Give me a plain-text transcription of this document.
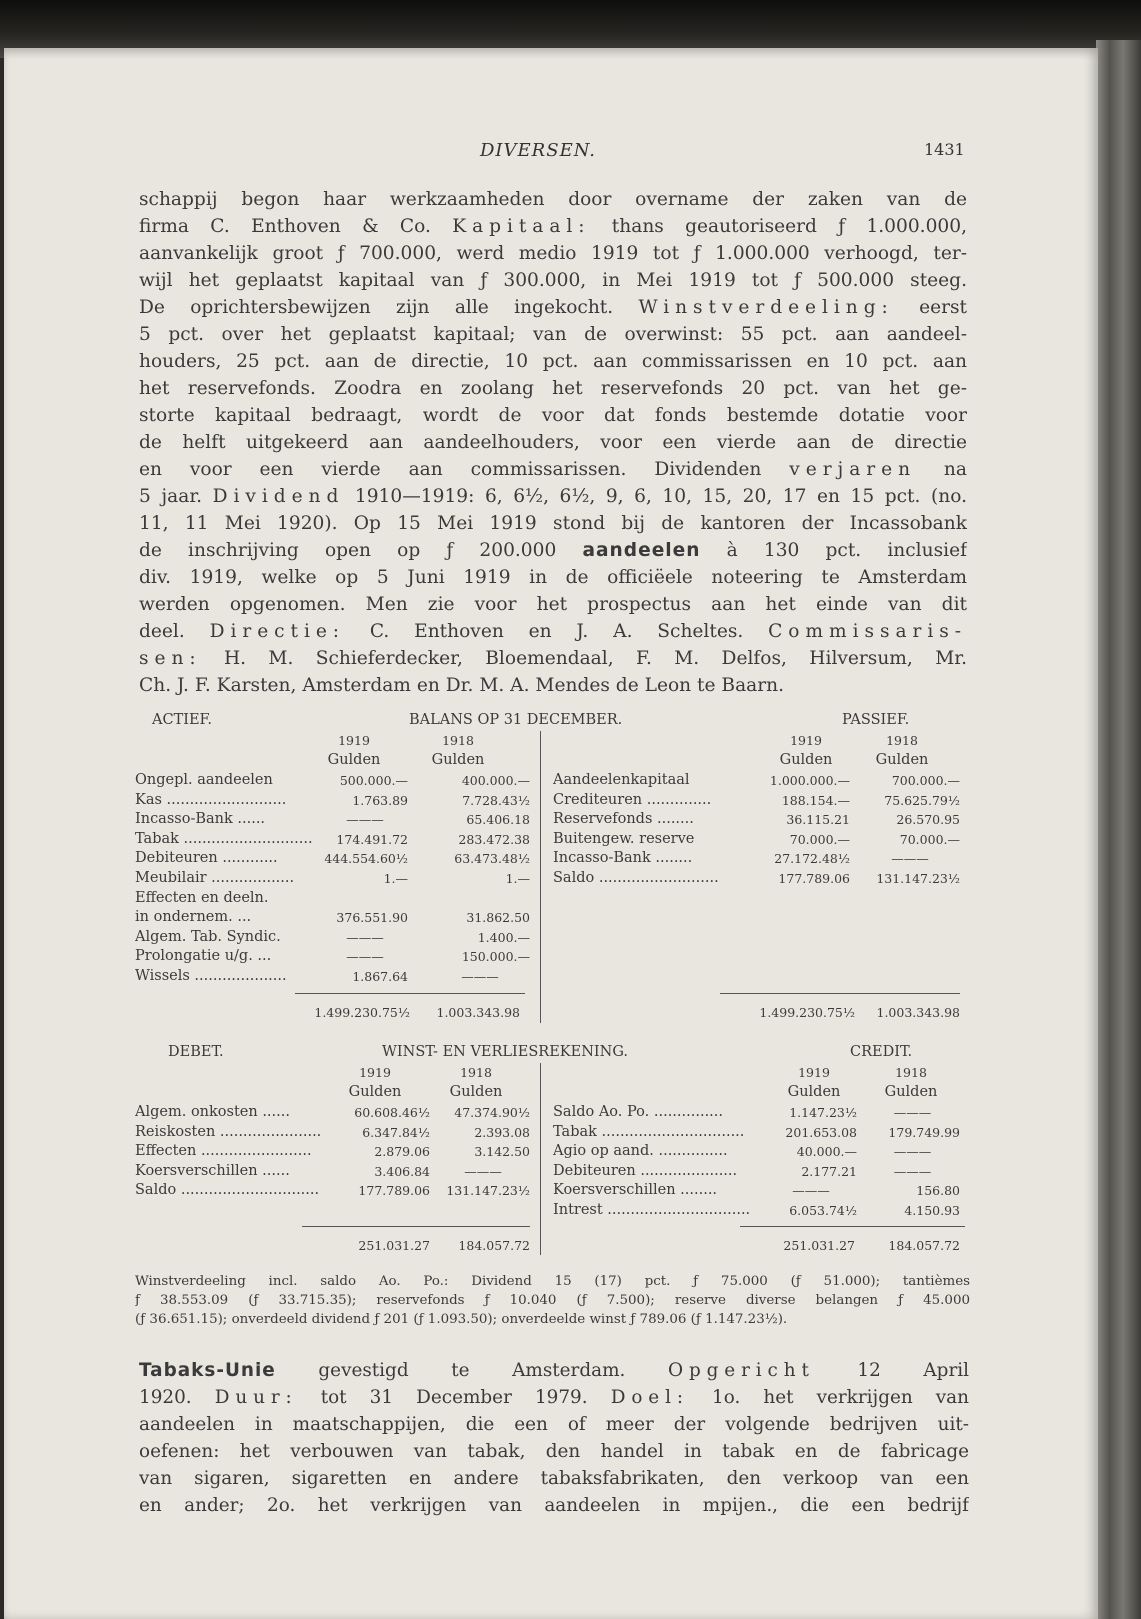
DIVERSEN.	1431
schappij begon haar werkzaamheden door overname der zaken van de
firma C. Enthoven & Co. Kapitaal: thans geautoriseerd ƒ 1.000.000,
aanvankelijk groot ƒ 700.000, werd medio 1919 tot ƒ 1.000.000 verhoogd, ter-
wijl het geplaatst kapitaal van ƒ 300.000, in Mei 1919 tot ƒ 500.000 steeg.
De oprichtersbewijzen zijn alle ingekocht. Winstverdeeling: eerst
5 pct. over het geplaatst kapitaal; van de overwinst: 55 pct. aan aandeel-
houders, 25 pct. aan de directie, 10 pct. aan commissarissen en 10 pct. aan
het reservefonds. Zoodra en zoolang het reservefonds 20 pct. van het ge-
storte kapitaal bedraagt, wordt de voor dat fonds bestemde dotatie voor
de helft uitgekeerd aan aandeelhouders, voor een vierde aan de directie
en voor een vierde aan commissarissen. Dividenden verjaren na
5 jaar. Dividend 1910—1919: 6, 6½, 6½, 9, 6, 10, 15, 20, 17 en 15 pct. (no.
11, 11 Mei 1920). Op 15 Mei 1919 stond bij de kantoren der Incassobank
de inschrijving open op ƒ 200.000 aandeelen à 130 pct. inclusief
div. 1919, welke op 5 Juni 1919 in de officiëele noteering te Amsterdam
werden opgenomen. Men zie voor het prospectus aan het einde van dit
deel. Directie: C. Enthoven en J. A. Scheltes. Commissaris-
sen: H. M. Schieferdecker, Bloemendaal, F. M. Delfos, Hilversum, Mr.
Ch. J. F. Karsten, Amsterdam en Dr. M. A. Mendes de Leon te Baarn.
ACTIEF.	BALANS OP 31 DECEMBER.	PASSIEF.
1919	1918
Gulden	Gulden
1919	1918
Gulden	Gulden
Ongepl. aandeelen	500.000.—	400.000.—
Kas ..........................	1.763.89	7.728.43½
Incasso-Bank ......	———	65.406.18
Tabak ............................	174.491.72	283.472.38
Debiteuren ............	444.554.60½	63.473.48½
Meubilair ..................	1.—	1.—
Effecten en deeln.
in ondernem. ...	376.551.90	31.862.50
Algem. Tab. Syndic.	———	1.400.—
Prolongatie u/g. ...	———	150.000.—
Wissels ....................	1.867.64	———
Aandeelenkapitaal	1.000.000.—	700.000.—
Crediteuren ..............	188.154.—	75.625.79½
Reservefonds ........	36.115.21	26.570.95
Buitengew. reserve	70.000.—	70.000.—
Incasso-Bank ........	27.172.48½	———
Saldo ..........................	177.789.06	131.147.23½
1.499.230.75½	1.003.343.98	1.499.230.75½	1.003.343.98
DEBET.	WINST- EN VERLIESREKENING.	CREDIT.
1919	1918
Gulden	Gulden
1919	1918
Gulden	Gulden
Algem. onkosten ......	60.608.46½	47.374.90½
Reiskosten ......................	6.347.84½	2.393.08
Effecten ........................	2.879.06	3.142.50
Koersverschillen ......	3.406.84	———
Saldo ..............................	177.789.06	131.147.23½
Saldo Ao. Po. ...............	1.147.23½	———
Tabak ...............................	201.653.08	179.749.99
Agio op aand. ...............	40.000.—	———
Debiteuren .....................	2.177.21	———
Koersverschillen ........	———	156.80
Intrest ...............................	6.053.74½	4.150.93
251.031.27	184.057.72	251.031.27	184.057.72
Winstverdeeling incl. saldo Ao. Po.: Dividend 15 (17) pct. ƒ 75.000 (ƒ 51.000); tantièmes
ƒ 38.553.09 (ƒ 33.715.35); reservefonds ƒ 10.040 (ƒ 7.500); reserve diverse belangen ƒ 45.000
(ƒ 36.651.15); onverdeeld dividend ƒ 201 (ƒ 1.093.50); onverdeelde winst ƒ 789.06 (ƒ 1.147.23½).
Tabaks-Unie gevestigd te Amsterdam. Opgericht 12 April
1920. Duur: tot 31 December 1979. Doel: 1o. het verkrijgen van
aandeelen in maatschappijen, die een of meer der volgende bedrijven uit-
oefenen: het verbouwen van tabak, den handel in tabak en de fabricage
van sigaren, sigaretten en andere tabaksfabrikaten, den verkoop van een
en ander; 2o. het verkrijgen van aandeelen in mpijen., die een bedrijf
